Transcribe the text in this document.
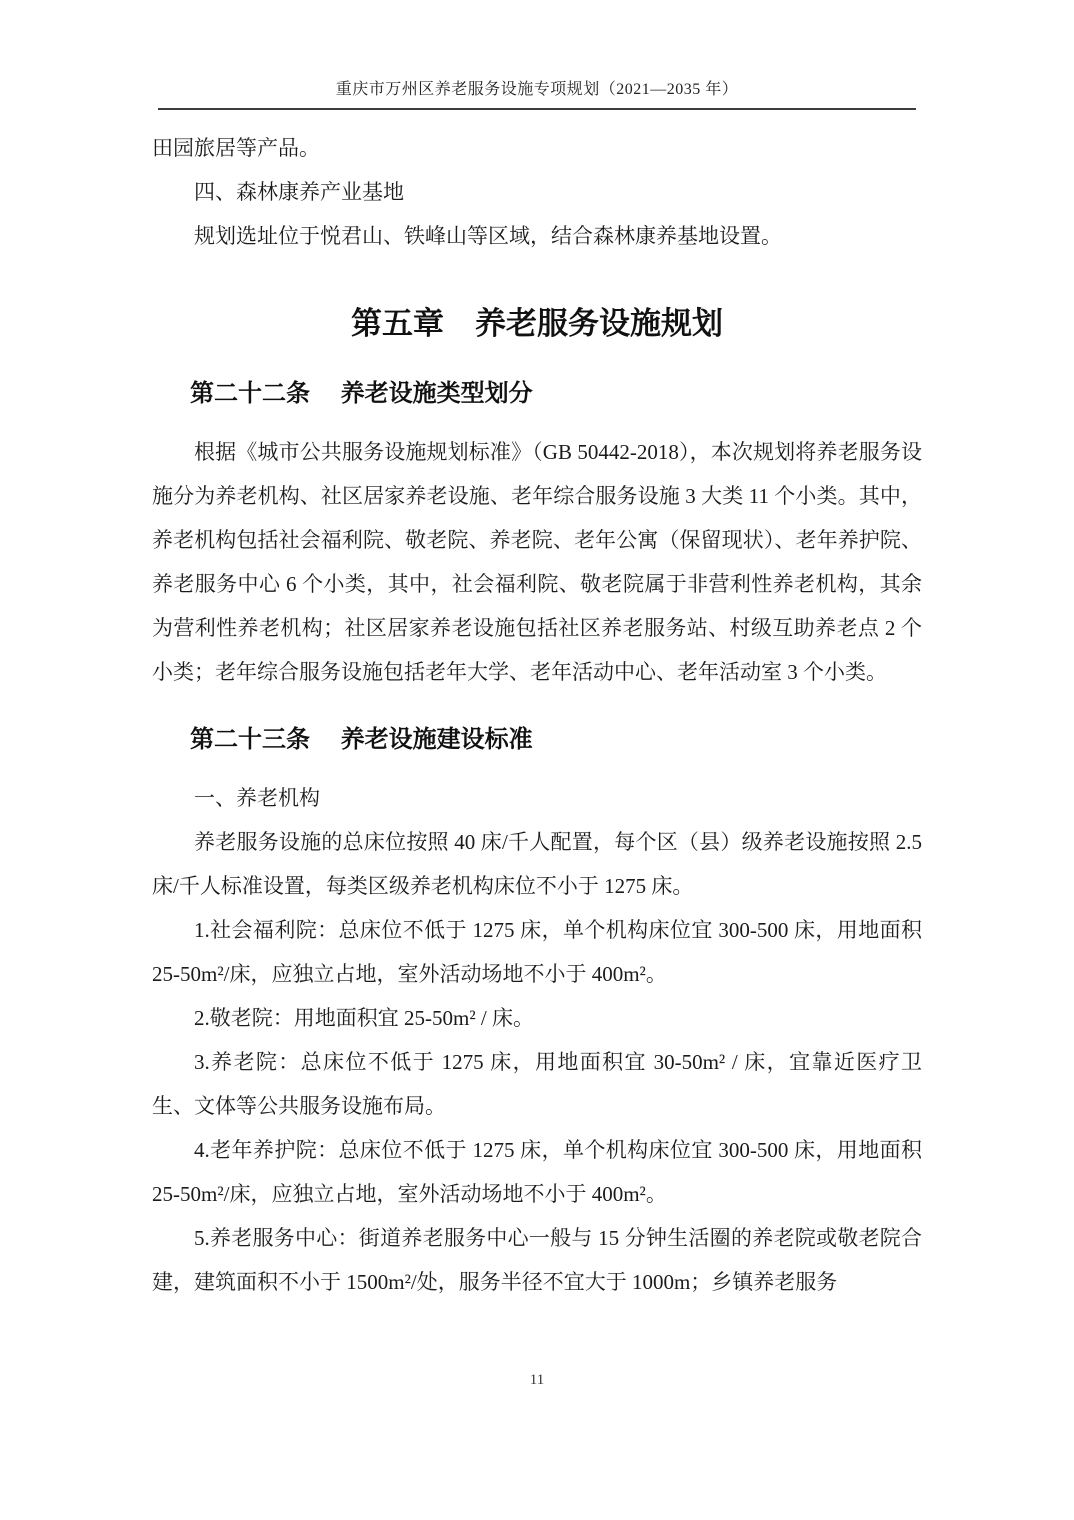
重庆市万州区养老服务设施专项规划（2021—2035 年）

田园旅居等产品。

四、森林康养产业基地

规划选址位于悦君山、铁峰山等区域，结合森林康养基地设置。

第五章　养老服务设施规划
第二十二条　 养老设施类型划分

根据《城市公共服务设施规划标准》（GB 50442-2018），本次规划将养老服务设施分为养老机构、社区居家养老设施、老年综合服务设施 3 大类 11 个小类。其中，养老机构包括社会福利院、敬老院、养老院、老年公寓（保留现状）、老年养护院、养老服务中心 6 个小类，其中，社会福利院、敬老院属于非营利性养老机构，其余为营利性养老机构；社区居家养老设施包括社区养老服务站、村级互助养老点 2 个小类；老年综合服务设施包括老年大学、老年活动中心、老年活动室 3 个小类。

第二十三条　 养老设施建设标准

一、养老机构

养老服务设施的总床位按照 40 床/千人配置，每个区（县）级养老设施按照 2.5 床/千人标准设置，每类区级养老机构床位不小于 1275 床。

1.社会福利院：总床位不低于 1275 床，单个机构床位宜 300-500 床，用地面积 25-50m²/床，应独立占地，室外活动场地不小于 400m²。

2.敬老院：用地面积宜 25-50m² / 床。

3.养老院：总床位不低于 1275 床，用地面积宜 30-50m² / 床，宜靠近医疗卫生、文体等公共服务设施布局。

4.老年养护院：总床位不低于 1275 床，单个机构床位宜 300-500 床，用地面积 25-50m²/床，应独立占地，室外活动场地不小于 400m²。

5.养老服务中心：街道养老服务中心一般与 15 分钟生活圈的养老院或敬老院合建，建筑面积不小于 1500m²/处，服务半径不宜大于 1000m；乡镇养老服务

11
